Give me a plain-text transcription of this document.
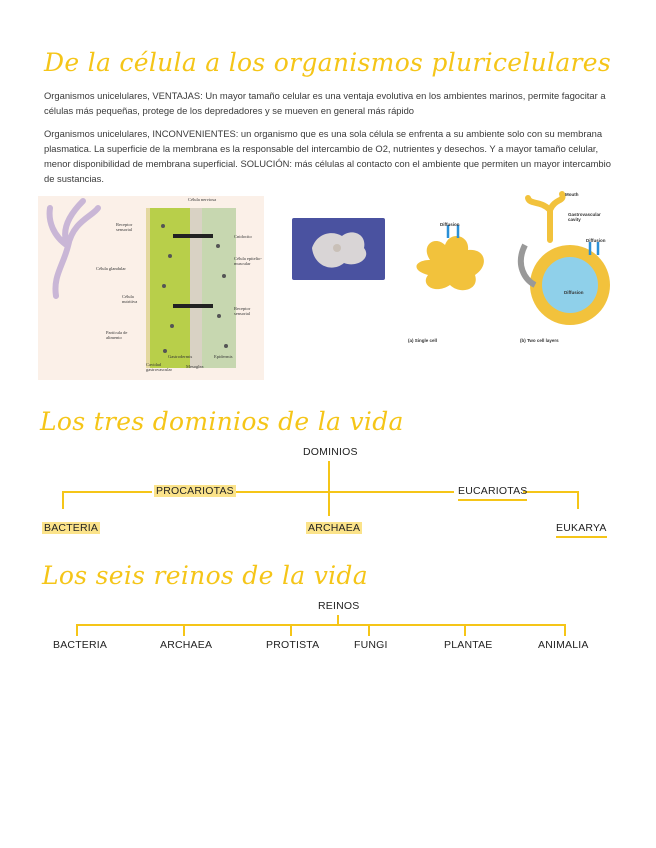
De la célula a los organismos pluricelulares
Organismos unicelulares, VENTAJAS: Un mayor tamaño celular es una ventaja evolutiva en los ambientes marinos, permite fagocitar a células más pequeñas, protege de los depredadores y se mueven en general más rápido
Organismos unicelulares, INCONVENIENTES: un organismo que es una sola célula se enfrenta a su ambiente solo con su membrana plasmatica. La superficie de la membrana es la responsable del intercambio de O2, nutrientes y desechos. Y a mayor tamaño celular, menor disponibilidad de membrana superficial. SOLUCIÓN: más células al contacto con el ambiente que permiten un mayor intercambio de sustancias.
Célula nerviosa
Receptor sensorial
Cnidocito
Célula glandular
Célula epitelio-muscular
Célula nutritiva
Receptor sensorial
Partícula de alimento
Gastrodermis	Epidermis
Cavidad gastrovascular
Mesoglea
Mouth
Gastrovascular cavity
Diffusion
Diffusion
Diffusion
(a) Single cell	(b) Two cell layers
Los tres dominios de la vida
DOMINIOS
PROCARIOTAS	EUCARIOTAS
BACTERIA	ARCHAEA	EUKARYA
Los seis reinos de la vida
REINOS
BACTERIA	ARCHAEA	PROTISTA	FUNGI	PLANTAE	ANIMALIA
